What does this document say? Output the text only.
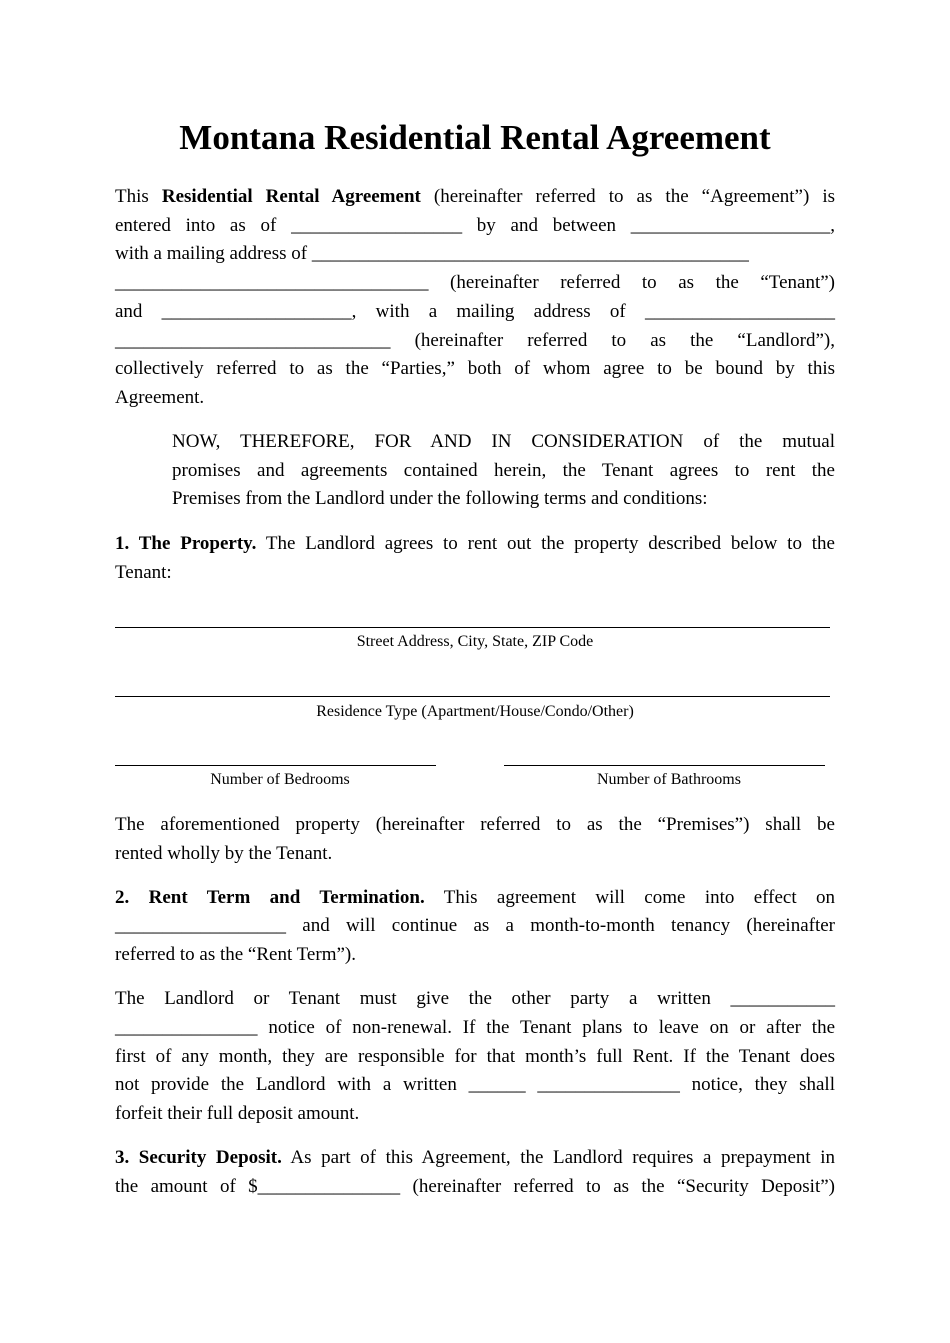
Montana Residential Rental Agreement
This Residential Rental Agreement (hereinafter referred to as the “Agreement”) is
entered into as of __________________ by and between _____________________,
with a mailing address of ______________________________________________
_________________________________ (hereinafter referred to as the “Tenant”)
and ____________________, with a mailing address of ____________________
_____________________________ (hereinafter referred to as the “Landlord”),
collectively referred to as the “Parties,” both of whom agree to be bound by this
Agreement.
NOW, THEREFORE, FOR AND IN CONSIDERATION of the mutual
promises and agreements contained herein, the Tenant agrees to rent the
Premises from the Landlord under the following terms and conditions:
1. The Property. The Landlord agrees to rent out the property described below to the
Tenant:
Street Address, City, State, ZIP Code
Residence Type (Apartment/House/Condo/Other)
Number of Bedrooms	Number of Bathrooms
The aforementioned property (hereinafter referred to as the “Premises”) shall be
rented wholly by the Tenant.
2. Rent Term and Termination. This agreement will come into effect on
__________________ and will continue as a month-to-month tenancy (hereinafter
referred to as the “Rent Term”).
The Landlord or Tenant must give the other party a written ___________
_______________ notice of non-renewal. If the Tenant plans to leave on or after the
first of any month, they are responsible for that month’s full Rent. If the Tenant does
not provide the Landlord with a written ______ _______________ notice, they shall
forfeit their full deposit amount.
3. Security Deposit. As part of this Agreement, the Landlord requires a prepayment in
the amount of $_______________ (hereinafter referred to as the “Security Deposit”)
